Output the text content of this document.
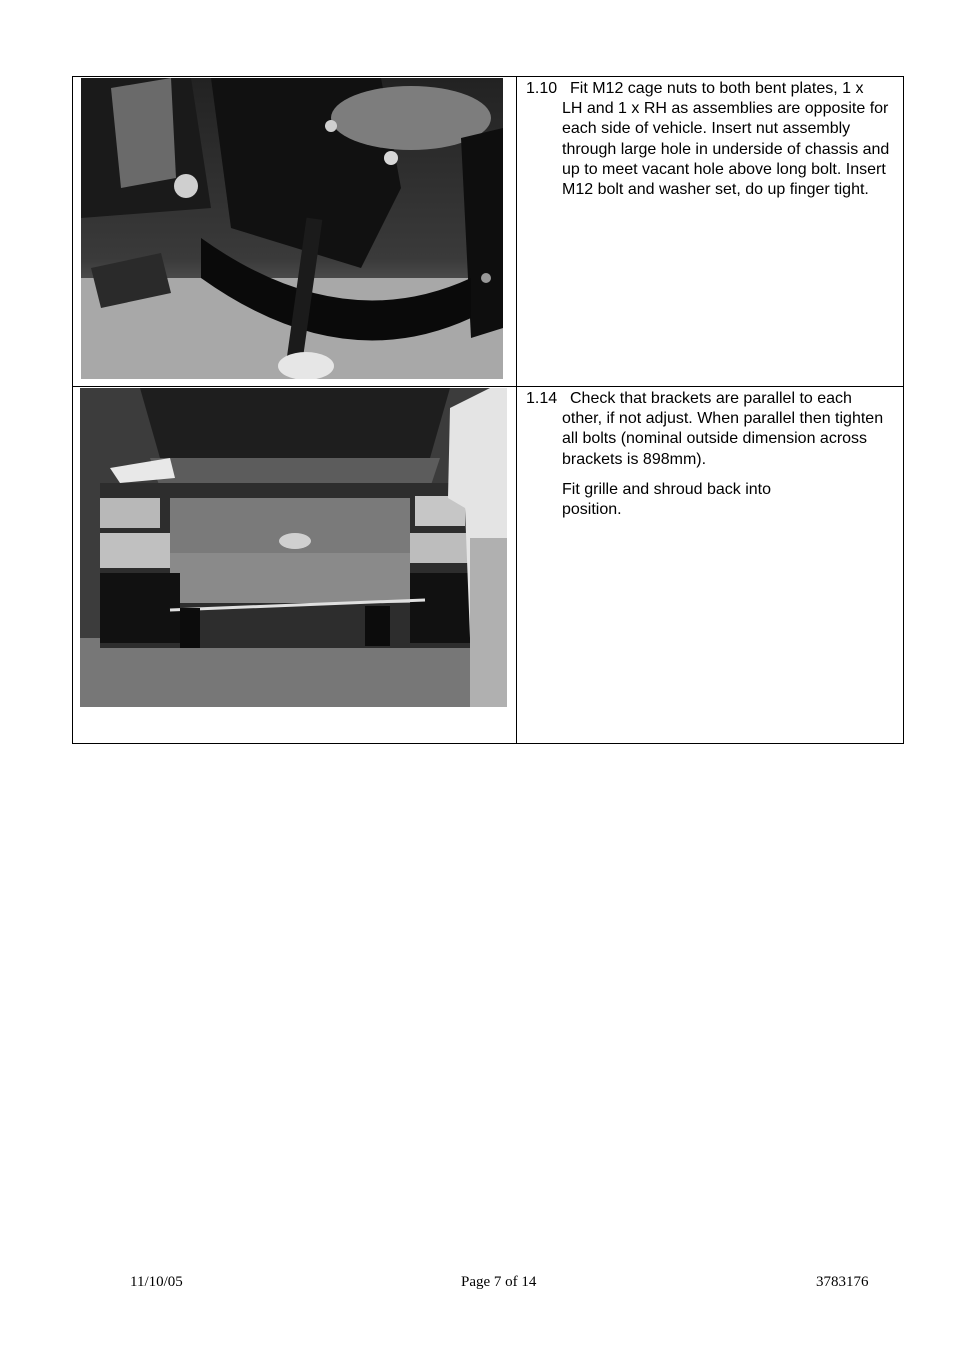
1.10 Fit M12 cage nuts to both bent plates, 1 x
LH and 1 x RH as assemblies are opposite for each side of vehicle. Insert nut assembly through large hole in underside of chassis and up to meet vacant hole above long bolt. Insert M12 bolt and washer set, do up finger tight.

1.14 Check that brackets are parallel to each
other, if not adjust. When parallel then tighten all bolts (nominal outside dimension across brackets is 898mm).
Fit grille and shroud back into position.
11/10/05	Page 7 of 14	3783176
